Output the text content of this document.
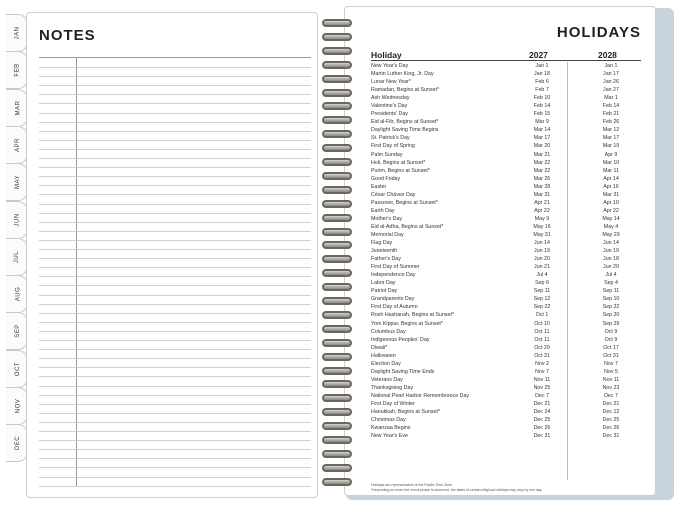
JAN
FEB
MAR
APR
MAY
JUN
JUL
AUG
SEP
OCT
NOV
DEC
NOTES	HOLIDAYS
Holiday	2027	2028
New Year's Day	Jan 1	Jan 1
Martin Luther King, Jr. Day	Jan 18	Jan 17
Lunar New Year*	Feb 6	Jan 26
Ramadan, Begins at Sunset*	Feb 7	Jan 27
Ash Wednesday	Feb 10	Mar 1
Valentine's Day	Feb 14	Feb 14
Presidents' Day	Feb 15	Feb 21
Eid al-Fitr, Begins at Sunset*	Mar 9	Feb 26
Daylight Saving Time Begins	Mar 14	Mar 12
St. Patrick's Day	Mar 17	Mar 17
First Day of Spring	Mar 20	Mar 19
Palm Sunday	Mar 21	Apr 9
Holi, Begins at Sunset*	Mar 22	Mar 10
Purim, Begins at Sunset*	Mar 22	Mar 11
Good Friday	Mar 26	Apr 14
Easter	Mar 28	Apr 16
César Chávez Day	Mar 31	Mar 31
Passover, Begins at Sunset*	Apr 21	Apr 10
Earth Day	Apr 22	Apr 22
Mother's Day	May 9	May 14
Eid al-Adha, Begins at Sunset*	May 16	May 4
Memorial Day	May 31	May 29
Flag Day	Jun 14	Jun 14
Juneteenth	Jun 19	Jun 19
Father's Day	Jun 20	Jun 18
First Day of Summer	Jun 21	Jun 20
Independence Day	Jul 4	Jul 4
Labor Day	Sep 6	Sep 4
Patriot Day	Sep 11	Sep 11
Grandparents Day	Sep 12	Sep 10
First Day of Autumn	Sep 22	Sep 22
Rosh Hashanah, Begins at Sunset*	Oct 1	Sep 20
Yom Kippur, Begins at Sunset*	Oct 10	Sep 29
Columbus Day	Oct 11	Oct 9
Indigenous Peoples' Day	Oct 11	Oct 9
Diwali*	Oct 29	Oct 17
Halloween	Oct 31	Oct 31
Election Day	Nov 2	Nov 7
Daylight Saving Time Ends	Nov 7	Nov 5
Veterans Day	Nov 11	Nov 11
Thanksgiving Day	Nov 25	Nov 23
National Pearl Harbor Remembrance Day	Dec 7	Dec 7
First Day of Winter	Dec 21	Dec 21
Hanukkah, Begins at Sunset*	Dec 24	Dec 12
Christmas Day	Dec 25	Dec 25
Kwanzaa Begins	Dec 26	Dec 26
New Year's Eve	Dec 31	Dec 31
Holidays are representative of the Pacific Time Zone.
*Depending on when the check phase is observed, the dates of certain religious holidays may vary by one day.
